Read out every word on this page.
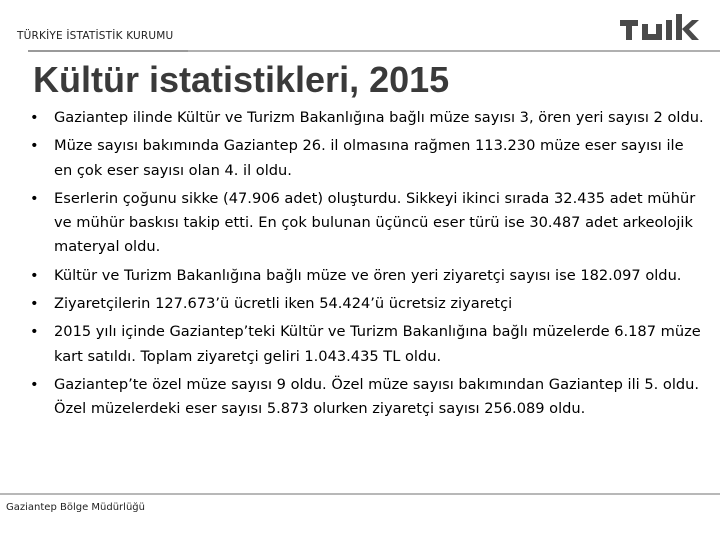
TÜRKİYE İSTATİSTİK KURUMU
Kültür istatistikleri, 2015
• Gaziantep ilinde Kültür ve Turizm Bakanlığına bağlı müze sayısı 3, ören yeri sayısı 2 oldu.
• Müze sayısı bakımında Gaziantep 26. il olmasına rağmen 113.230 müze eser sayısı ile en çok eser sayısı olan 4. il oldu.
• Eserlerin çoğunu sikke (47.906 adet) oluşturdu. Sikkeyi ikinci sırada 32.435 adet mühür ve mühür baskısı takip etti. En çok bulunan üçüncü eser türü ise 30.487 adet arkeolojik materyal oldu.
• Kültür ve Turizm Bakanlığına bağlı müze ve ören yeri ziyaretçi sayısı ise 182.097 oldu.
• Ziyaretçilerin 127.673’ü ücretli iken 54.424’ü ücretsiz ziyaretçi
• 2015 yılı içinde Gaziantep’teki Kültür ve Turizm Bakanlığına bağlı müzelerde 6.187 müze kart satıldı. Toplam ziyaretçi geliri 1.043.435 TL oldu.
• Gaziantep’te özel müze sayısı 9 oldu. Özel müze sayısı bakımından Gaziantep ili 5. oldu. Özel müzelerdeki eser sayısı 5.873 olurken ziyaretçi sayısı 256.089 oldu.
Gaziantep Bölge Müdürlüğü
